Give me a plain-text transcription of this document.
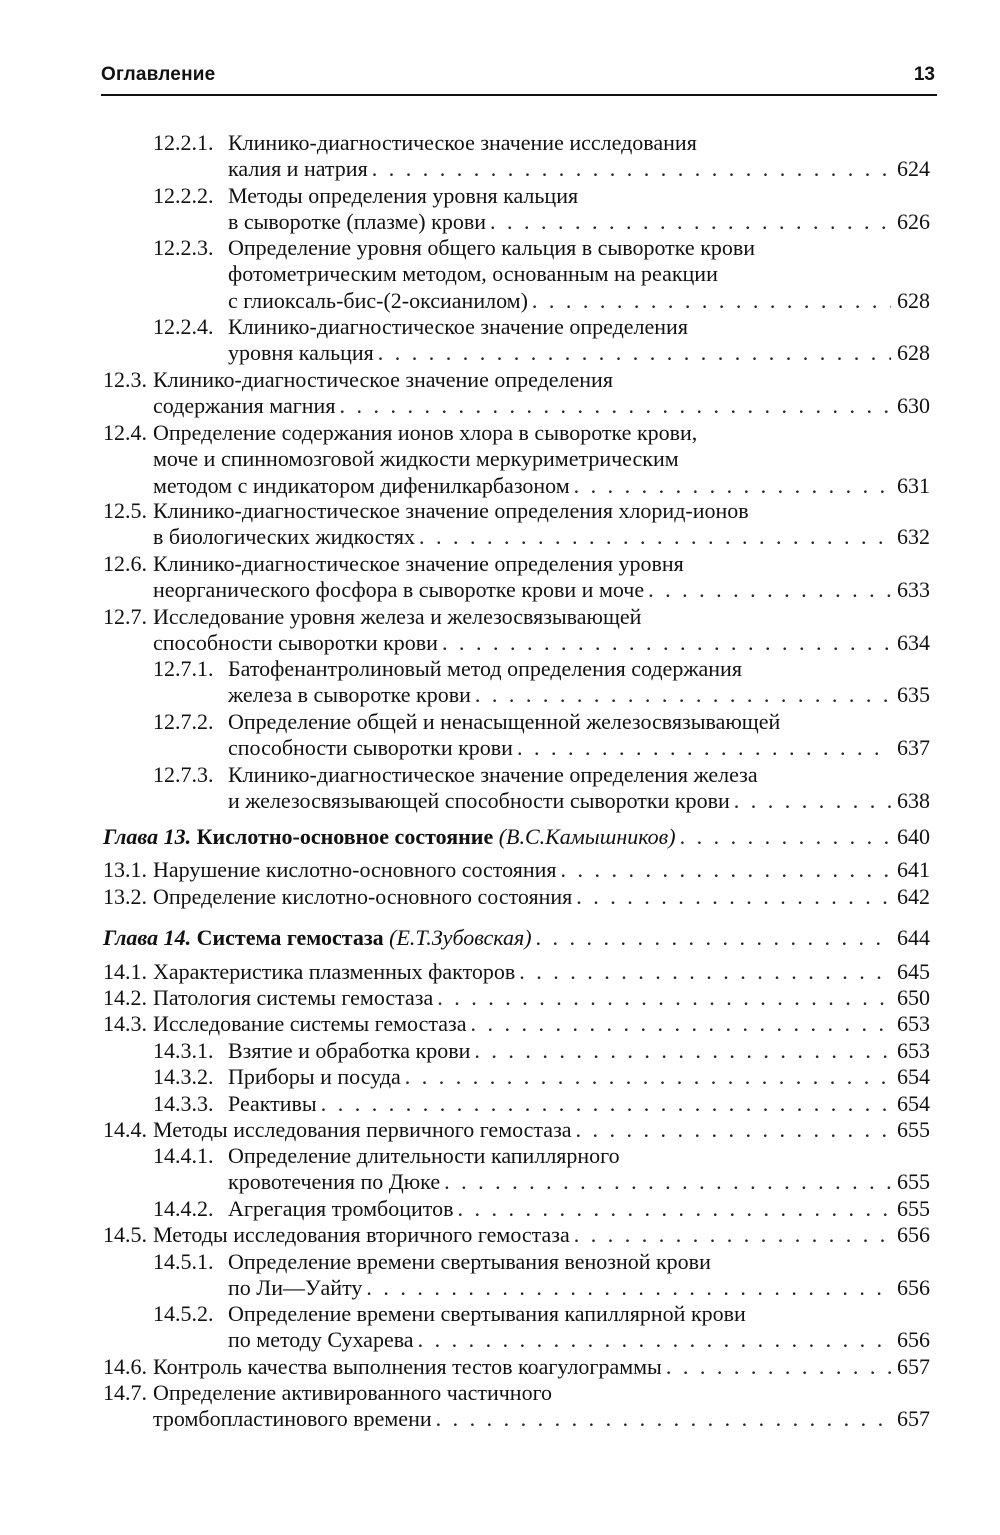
Оглавление	13
12.2.1. Клинико-диагностическое значение исследования
калия и натрия . . .	624
12.2.2. Методы определения уровня кальция
в сыворотке (плазме) крови . . .	626
12.2.3. Определение уровня общего кальция в сыворотке крови
фотометрическим методом, основанным на реакции
с глиоксаль-бис-(2-оксианилом) . . .	628
12.2.4. Клинико-диагностическое значение определения
уровня кальция . . .	628
12.3. Клинико-диагностическое значение определения
содержания магния . . .	630
12.4. Определение содержания ионов хлора в сыворотке крови,
моче и спинномозговой жидкости меркуриметрическим
методом с индикатором дифенилкарбазоном . . .	631
12.5. Клинико-диагностическое значение определения хлорид-ионов
в биологических жидкостях . . .	632
12.6. Клинико-диагностическое значение определения уровня
неорганического фосфора в сыворотке крови и моче . . .	633
12.7. Исследование уровня железа и железосвязывающей
способности сыворотки крови . . .	634
12.7.1. Батофенантролиновый метод определения содержания
железа в сыворотке крови . . .	635
12.7.2. Определение общей и ненасыщенной железосвязывающей
способности сыворотки крови . . .	637
12.7.3. Клинико-диагностическое значение определения железа
и железосвязывающей способности сыворотки крови . . .	638
Глава 13. Кислотно-основное состояние (В.С.Камышников) . . .	640
13.1. Нарушение кислотно-основного состояния . . .	641
13.2. Определение кислотно-основного состояния . . .	642
Глава 14. Система гемостаза (Е.Т.Зубовская) . . .	644
14.1. Характеристика плазменных факторов . . .	645
14.2. Патология системы гемостаза . . .	650
14.3. Исследование системы гемостаза . . .	653
14.3.1. Взятие и обработка крови . . .	653
14.3.2. Приборы и посуда . . .	654
14.3.3. Реактивы . . .	654
14.4. Методы исследования первичного гемостаза . . .	655
14.4.1. Определение длительности капиллярного
кровотечения по Дюке . . .	655
14.4.2. Агрегация тромбоцитов . . .	655
14.5. Методы исследования вторичного гемостаза . . .	656
14.5.1. Определение времени свертывания венозной крови
по Ли—Уайту . . .	656
14.5.2. Определение времени свертывания капиллярной крови
по методу Сухарева . . .	656
14.6. Контроль качества выполнения тестов коагулограммы . . .	657
14.7. Определение активированного частичного
тромбопластинового времени . . .	657
